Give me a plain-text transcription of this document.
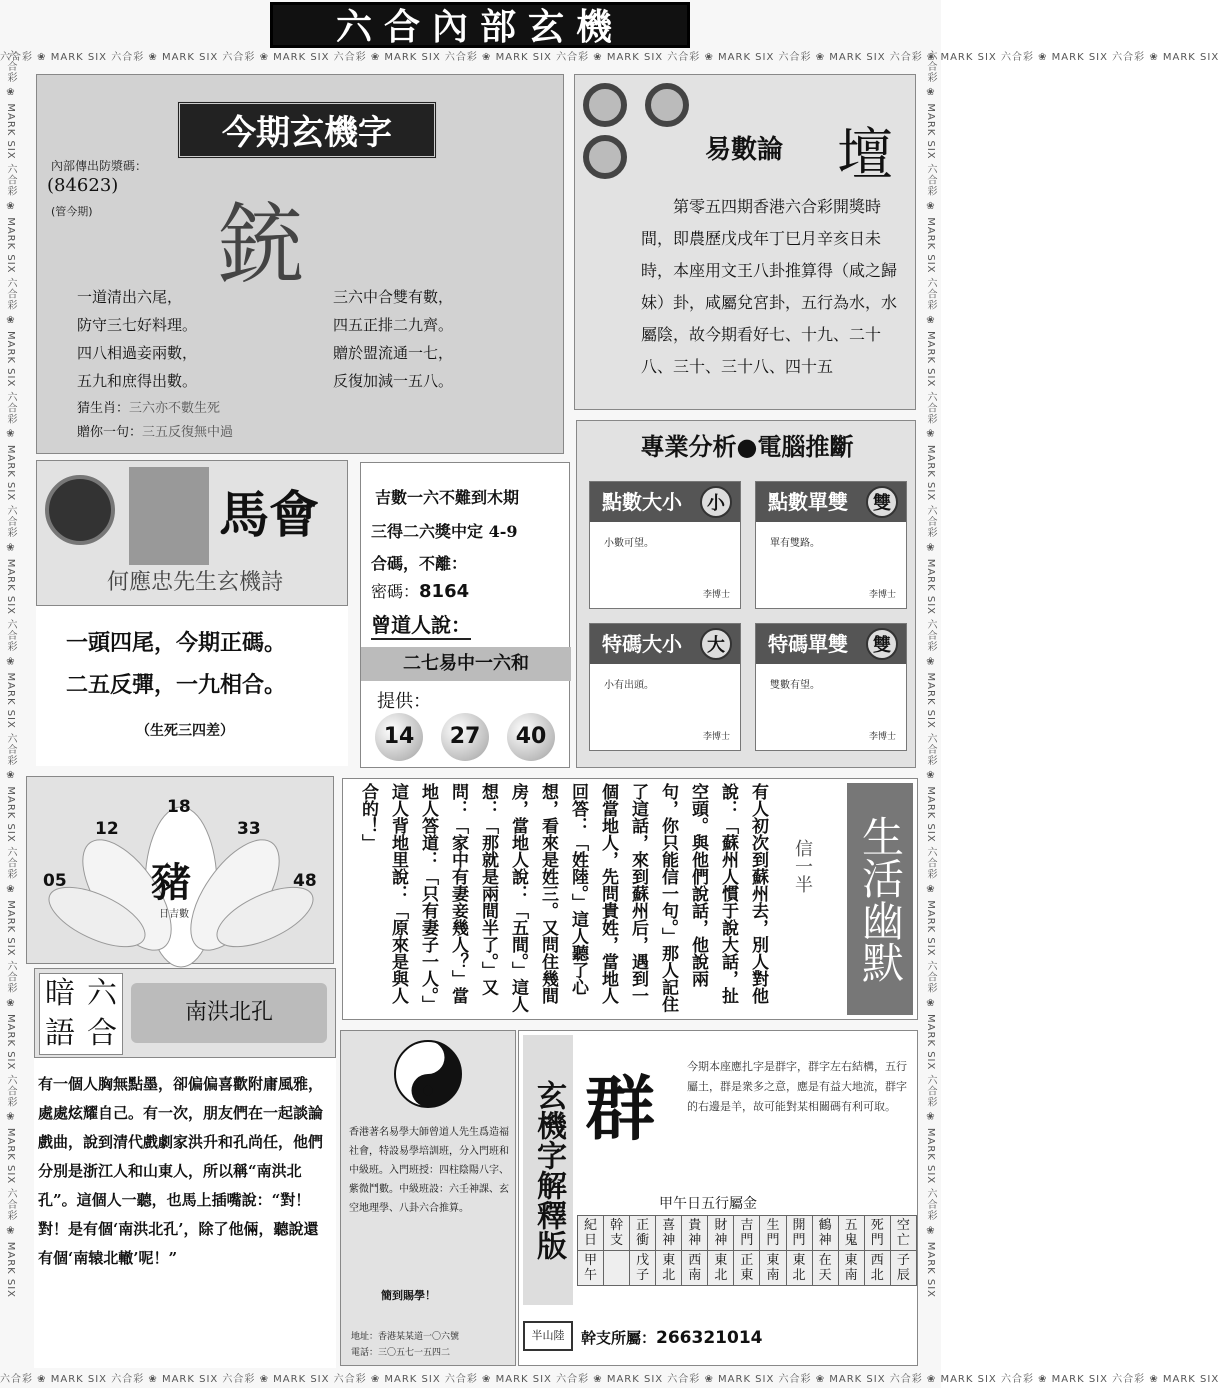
六合彩 ❀ MARK SIX 六合彩 ❀ MARK SIX 六合彩 ❀ MARK SIX 六合彩 ❀ MARK SIX 六合彩 ❀ MARK SIX 六合彩 ❀ MARK SIX 六合彩 ❀ MARK SIX 六合彩 ❀ MARK SIX 六合彩 ❀ MARK SIX 六合彩 ❀ MARK SIX 六合彩 ❀ MARK SIX
六合彩 ❀ MARK SIX 六合彩 ❀ MARK SIX 六合彩 ❀ MARK SIX 六合彩 ❀ MARK SIX 六合彩 ❀ MARK SIX 六合彩 ❀ MARK SIX 六合彩 ❀ MARK SIX 六合彩 ❀ MARK SIX 六合彩 ❀ MARK SIX 六合彩 ❀ MARK SIX 六合彩 ❀ MARK SIX
六合彩 ❀ MARK SIX 六合彩 ❀ MARK SIX 六合彩 ❀ MARK SIX 六合彩 ❀ MARK SIX 六合彩 ❀ MARK SIX 六合彩 ❀ MARK SIX 六合彩 ❀ MARK SIX 六合彩 ❀ MARK SIX 六合彩 ❀ MARK SIX 六合彩 ❀ MARK SIX 六合彩 ❀ MARK SIX	六合彩 ❀ MARK SIX 六合彩 ❀ MARK SIX 六合彩 ❀ MARK SIX 六合彩 ❀ MARK SIX 六合彩 ❀ MARK SIX 六合彩 ❀ MARK SIX 六合彩 ❀ MARK SIX 六合彩 ❀ MARK SIX 六合彩 ❀ MARK SIX 六合彩 ❀ MARK SIX 六合彩 ❀ MARK SIX
六合內部玄機
今期玄機字
內部傳出防漿碼：
(84623)
(管今期) 銃
一道清出六尾，
防守三七好料理。
四八相過妾兩數，
五九和庶得出數。
三六中合雙有數，
四五正排二九齊。
贈於盟流通一七，
反復加減一五八。
猜生肖：三六亦不數生死
贈你一句：三五反復無中過
易數論 壇
第零五四期香港六合彩開獎時間，即農歷戊戌年丁巳月辛亥日未時，本座用文王八卦推算得（咸之歸妹）卦，咸屬兌宮卦，五行為水，水屬陰，故今期看好七、十九、二十八、三十、三十八、四十五
馬會
何應忠先生玄機詩
一頭四尾，今期正碼。
二五反彈，一九相合。
（生死三四差）
吉數一六不難到木期
三得二六獎中定 4-9
合碼，不離：
密碼：8164
曾道人說：
二七易中一六和
提供：
14	27	40
專業分析●電腦推斷
點數大小	小
小數可望。
李博士
點數單雙	雙
單有雙路。
李博士
特碼大小	大
小有出頭。
李博士
特碼單雙	雙
雙數有望。
李博士
18
12	33
05	48
豬
日吉數	生活幽默
信一半
有人初次到蘇州去，別人對他說：「蘇州人慣于說大話，扯空頭。與他們說話，他說兩句，你只能信一句。」那人記住了這話，來到蘇州后，遇到一個當地人，先問貴姓，當地人回答：「姓陸。」這人聽了心想，看來是姓三。又問住幾間房，當地人說：「五間。」這人想：「那就是兩間半了。」又問：「家中有妻妾幾人？」當地人答道：「只有妻子一人。」這人背地里說：「原來是與人合的！」
暗 六
語 合
南洪北孔
有一個人胸無點墨，卻偏偏喜歡附庸風雅，處處炫耀自己。有一次，朋友們在一起談論戲曲，說到清代戲劇家洪升和孔尚任，他們分別是浙江人和山東人，所以稱“南洪北孔”。這個人一聽，也馬上插嘴說：“對！對！是有個‘南洪北孔’，除了他倆，聽說還有個‘南辕北轍’呢！”
香港著名易學大師曾道人先生爲造福社會，特設易學培訓班，分入門班和中級班。入門班授：四柱陰陽八字、紫微鬥數。中級班設：六壬神課、玄空地理學、八卦六合推算。
簡到賜學！
地址：香港某某道一〇六號
電話：三〇五七一五四二
玄機字解釋版
半山陸
群
今期本座應扎字是群字，群字左右結構，五行屬土，群是衆多之意，應是有益大地流，群字的右邊是羊，故可能對某相關碼有利可取。
甲午日五行屬金
紀日	幹支	正衝	喜神	貴神	財神	吉門	生門	開門	鶴神	五鬼	死門	空亡
甲午		戊子	東北	西南	東北	正東	東南	東北	在天	東南	西北	子辰
幹支所屬：266321014
